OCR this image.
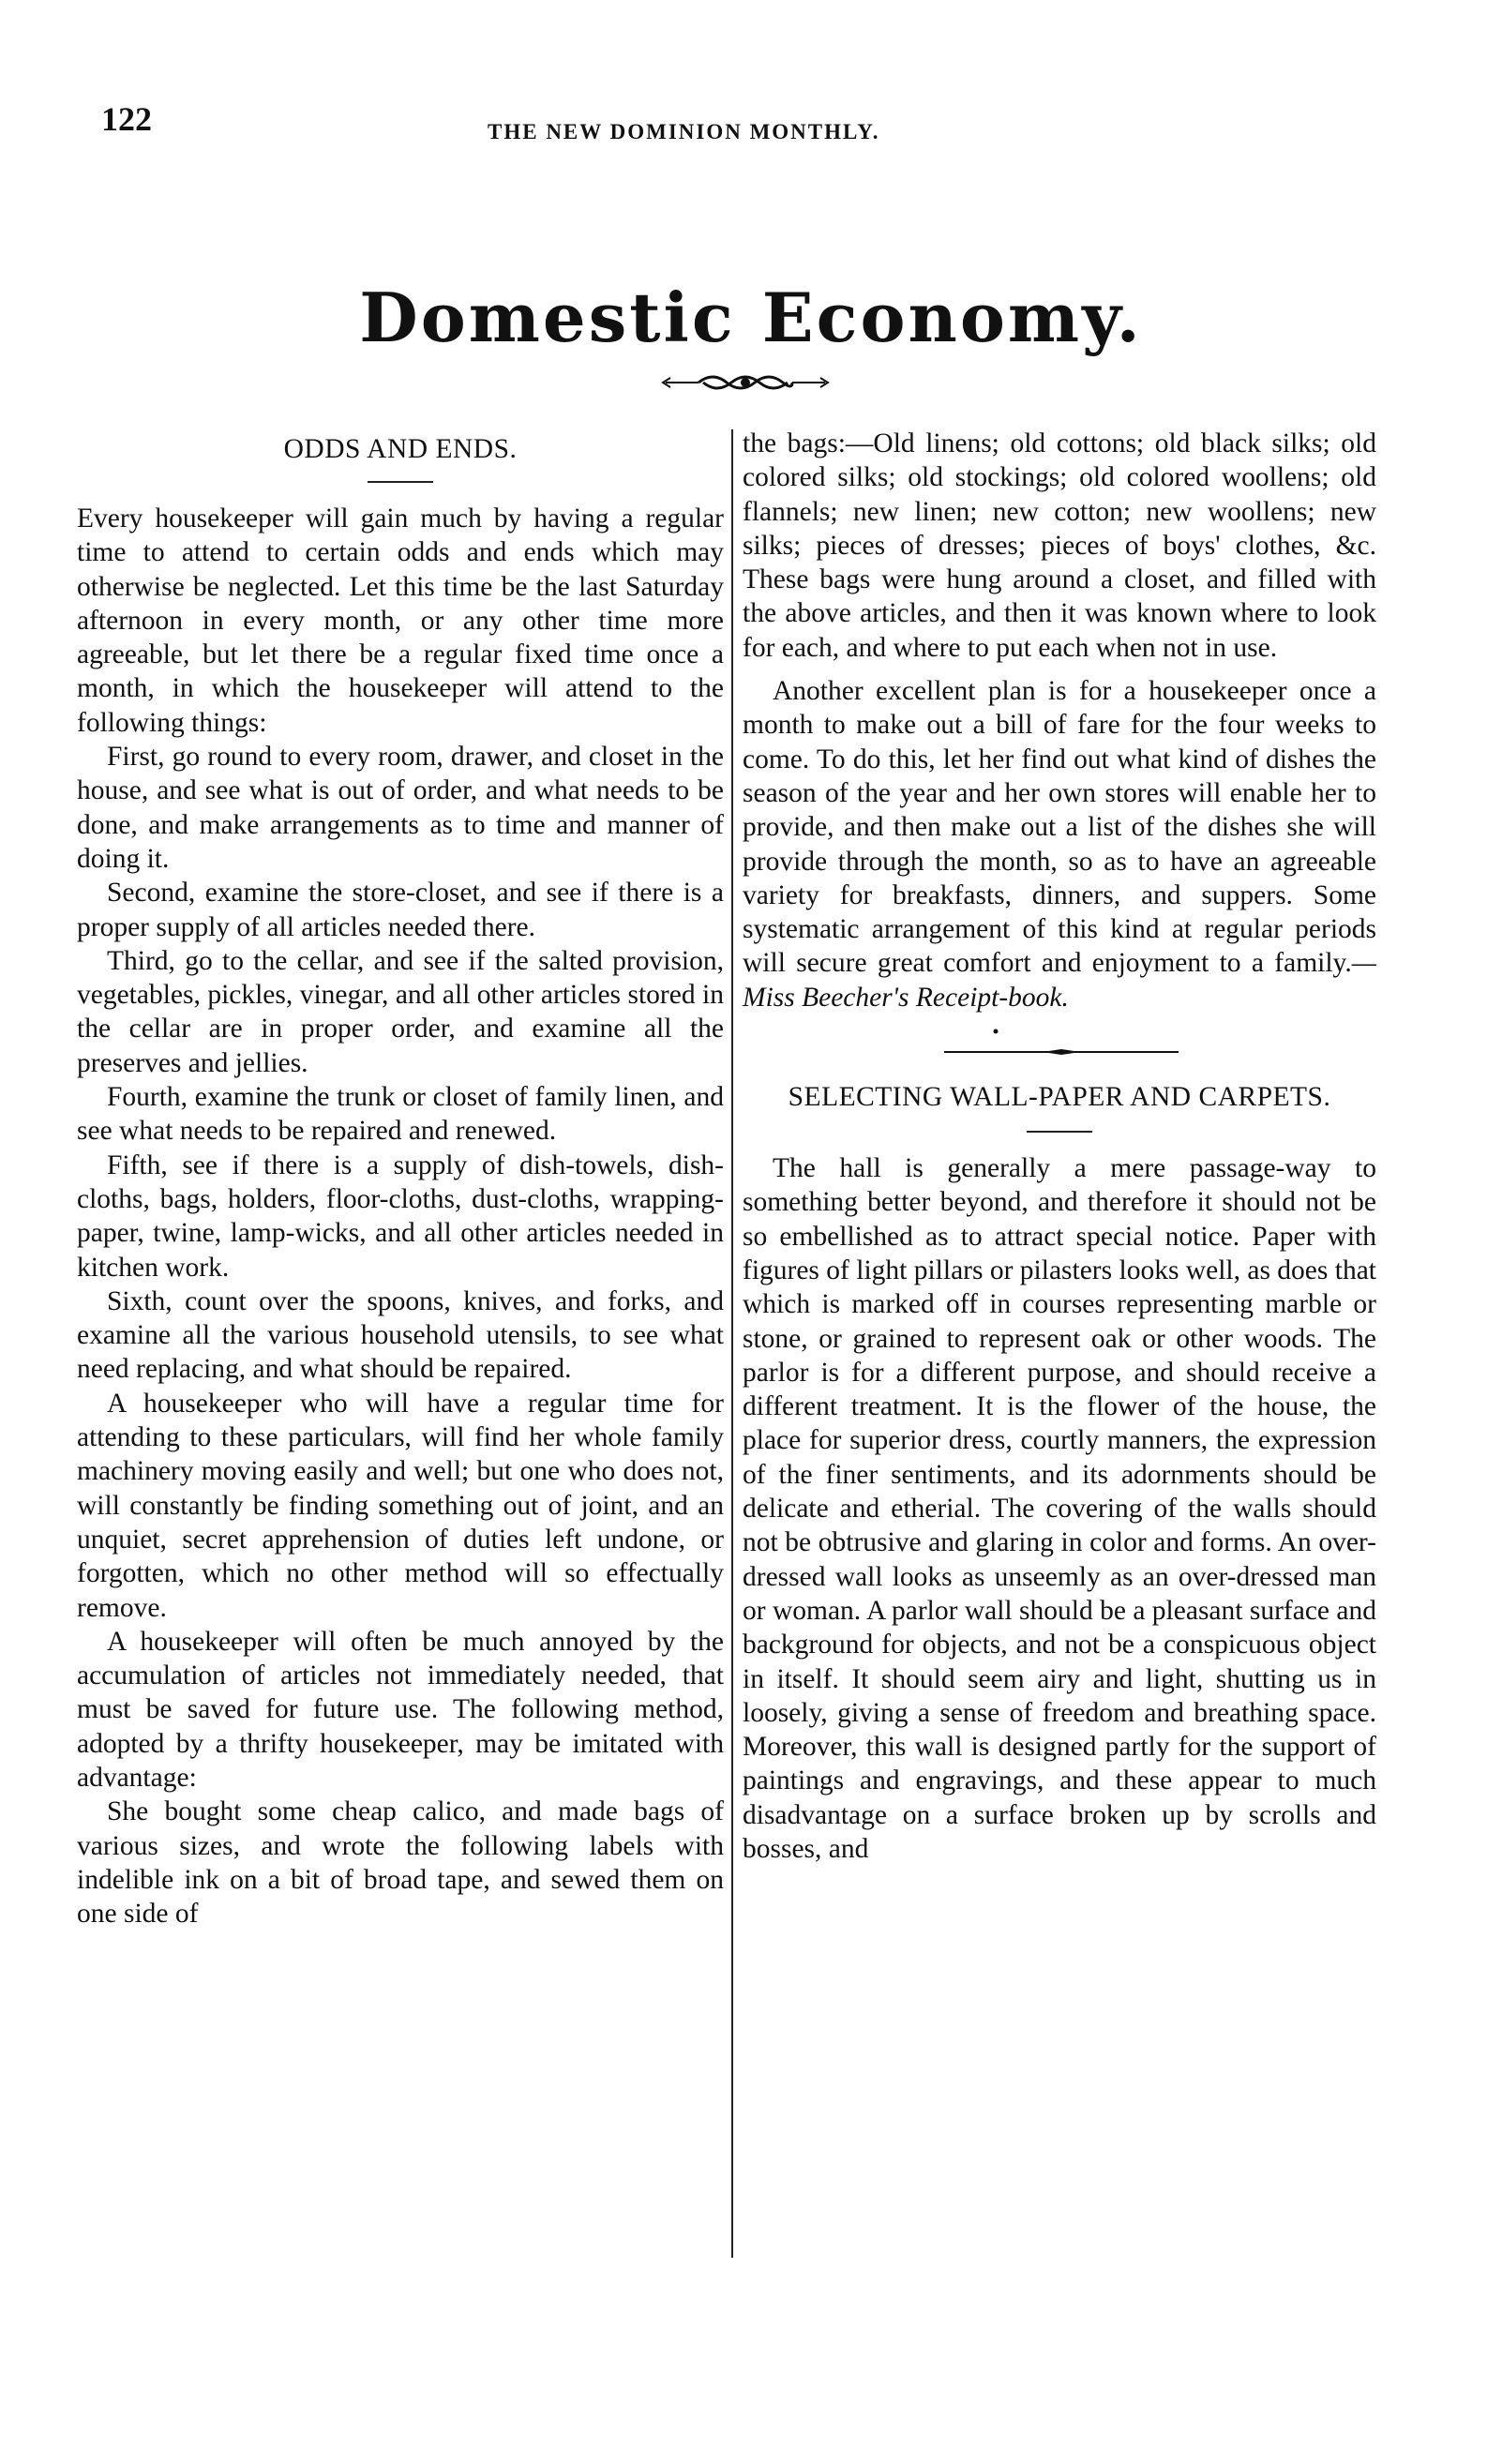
122	THE NEW DOMINION MONTHLY.
Domestic Economy.
ODDS AND ENDS.

Every housekeeper will gain much by having a regular time to attend to certain odds and ends which may otherwise be neglected. Let this time be the last Saturday afternoon in every month, or any other time more agreeable, but let there be a regular fixed time once a month, in which the housekeeper will attend to the following things:

First, go round to every room, drawer, and closet in the house, and see what is out of order, and what needs to be done, and make arrangements as to time and manner of doing it.

Second, examine the store-closet, and see if there is a proper supply of all articles needed there.

Third, go to the cellar, and see if the salted provision, vegetables, pickles, vinegar, and all other articles stored in the cellar are in proper order, and examine all the preserves and jellies.

Fourth, examine the trunk or closet of family linen, and see what needs to be repaired and renewed.

Fifth, see if there is a supply of dish-towels, dish-cloths, bags, holders, floor-cloths, dust-cloths, wrapping-paper, twine, lamp-wicks, and all other articles needed in kitchen work.

Sixth, count over the spoons, knives, and forks, and examine all the various household utensils, to see what need replacing, and what should be repaired.

A housekeeper who will have a regular time for attending to these particulars, will find her whole family machinery moving easily and well; but one who does not, will constantly be finding something out of joint, and an unquiet, secret apprehension of duties left undone, or forgotten, which no other method will so effectually remove.

A housekeeper will often be much annoyed by the accumulation of articles not immediately needed, that must be saved for future use. The following method, adopted by a thrifty housekeeper, may be imitated with advantage:

She bought some cheap calico, and made bags of various sizes, and wrote the following labels with indelible ink on a bit of broad tape, and sewed them on one side of

the bags:—Old linens; old cottons; old black silks; old colored silks; old stockings; old colored woollens; old flannels; new linen; new cotton; new woollens; new silks; pieces of dresses; pieces of boys' clothes, &c. These bags were hung around a closet, and filled with the above articles, and then it was known where to look for each, and where to put each when not in use.

Another excellent plan is for a housekeeper once a month to make out a bill of fare for the four weeks to come. To do this, let her find out what kind of dishes the season of the year and her own stores will enable her to provide, and then make out a list of the dishes she will provide through the month, so as to have an agreeable variety for breakfasts, dinners, and suppers. Some systematic arrangement of this kind at regular periods will secure great comfort and enjoyment to a family.—Miss Beecher's Receipt-book.

SELECTING WALL-PAPER AND CARPETS.

The hall is generally a mere passage-way to something better beyond, and therefore it should not be so embellished as to attract special notice. Paper with figures of light pillars or pilasters looks well, as does that which is marked off in courses representing marble or stone, or grained to represent oak or other woods. The parlor is for a different purpose, and should receive a different treatment. It is the flower of the house, the place for superior dress, courtly manners, the expression of the finer sentiments, and its adornments should be delicate and etherial. The covering of the walls should not be obtrusive and glaring in color and forms. An over-dressed wall looks as unseemly as an over-dressed man or woman. A parlor wall should be a pleasant surface and background for objects, and not be a conspicuous object in itself. It should seem airy and light, shutting us in loosely, giving a sense of freedom and breathing space. Moreover, this wall is designed partly for the support of paintings and engravings, and these appear to much disadvantage on a surface broken up by scrolls and bosses, and
